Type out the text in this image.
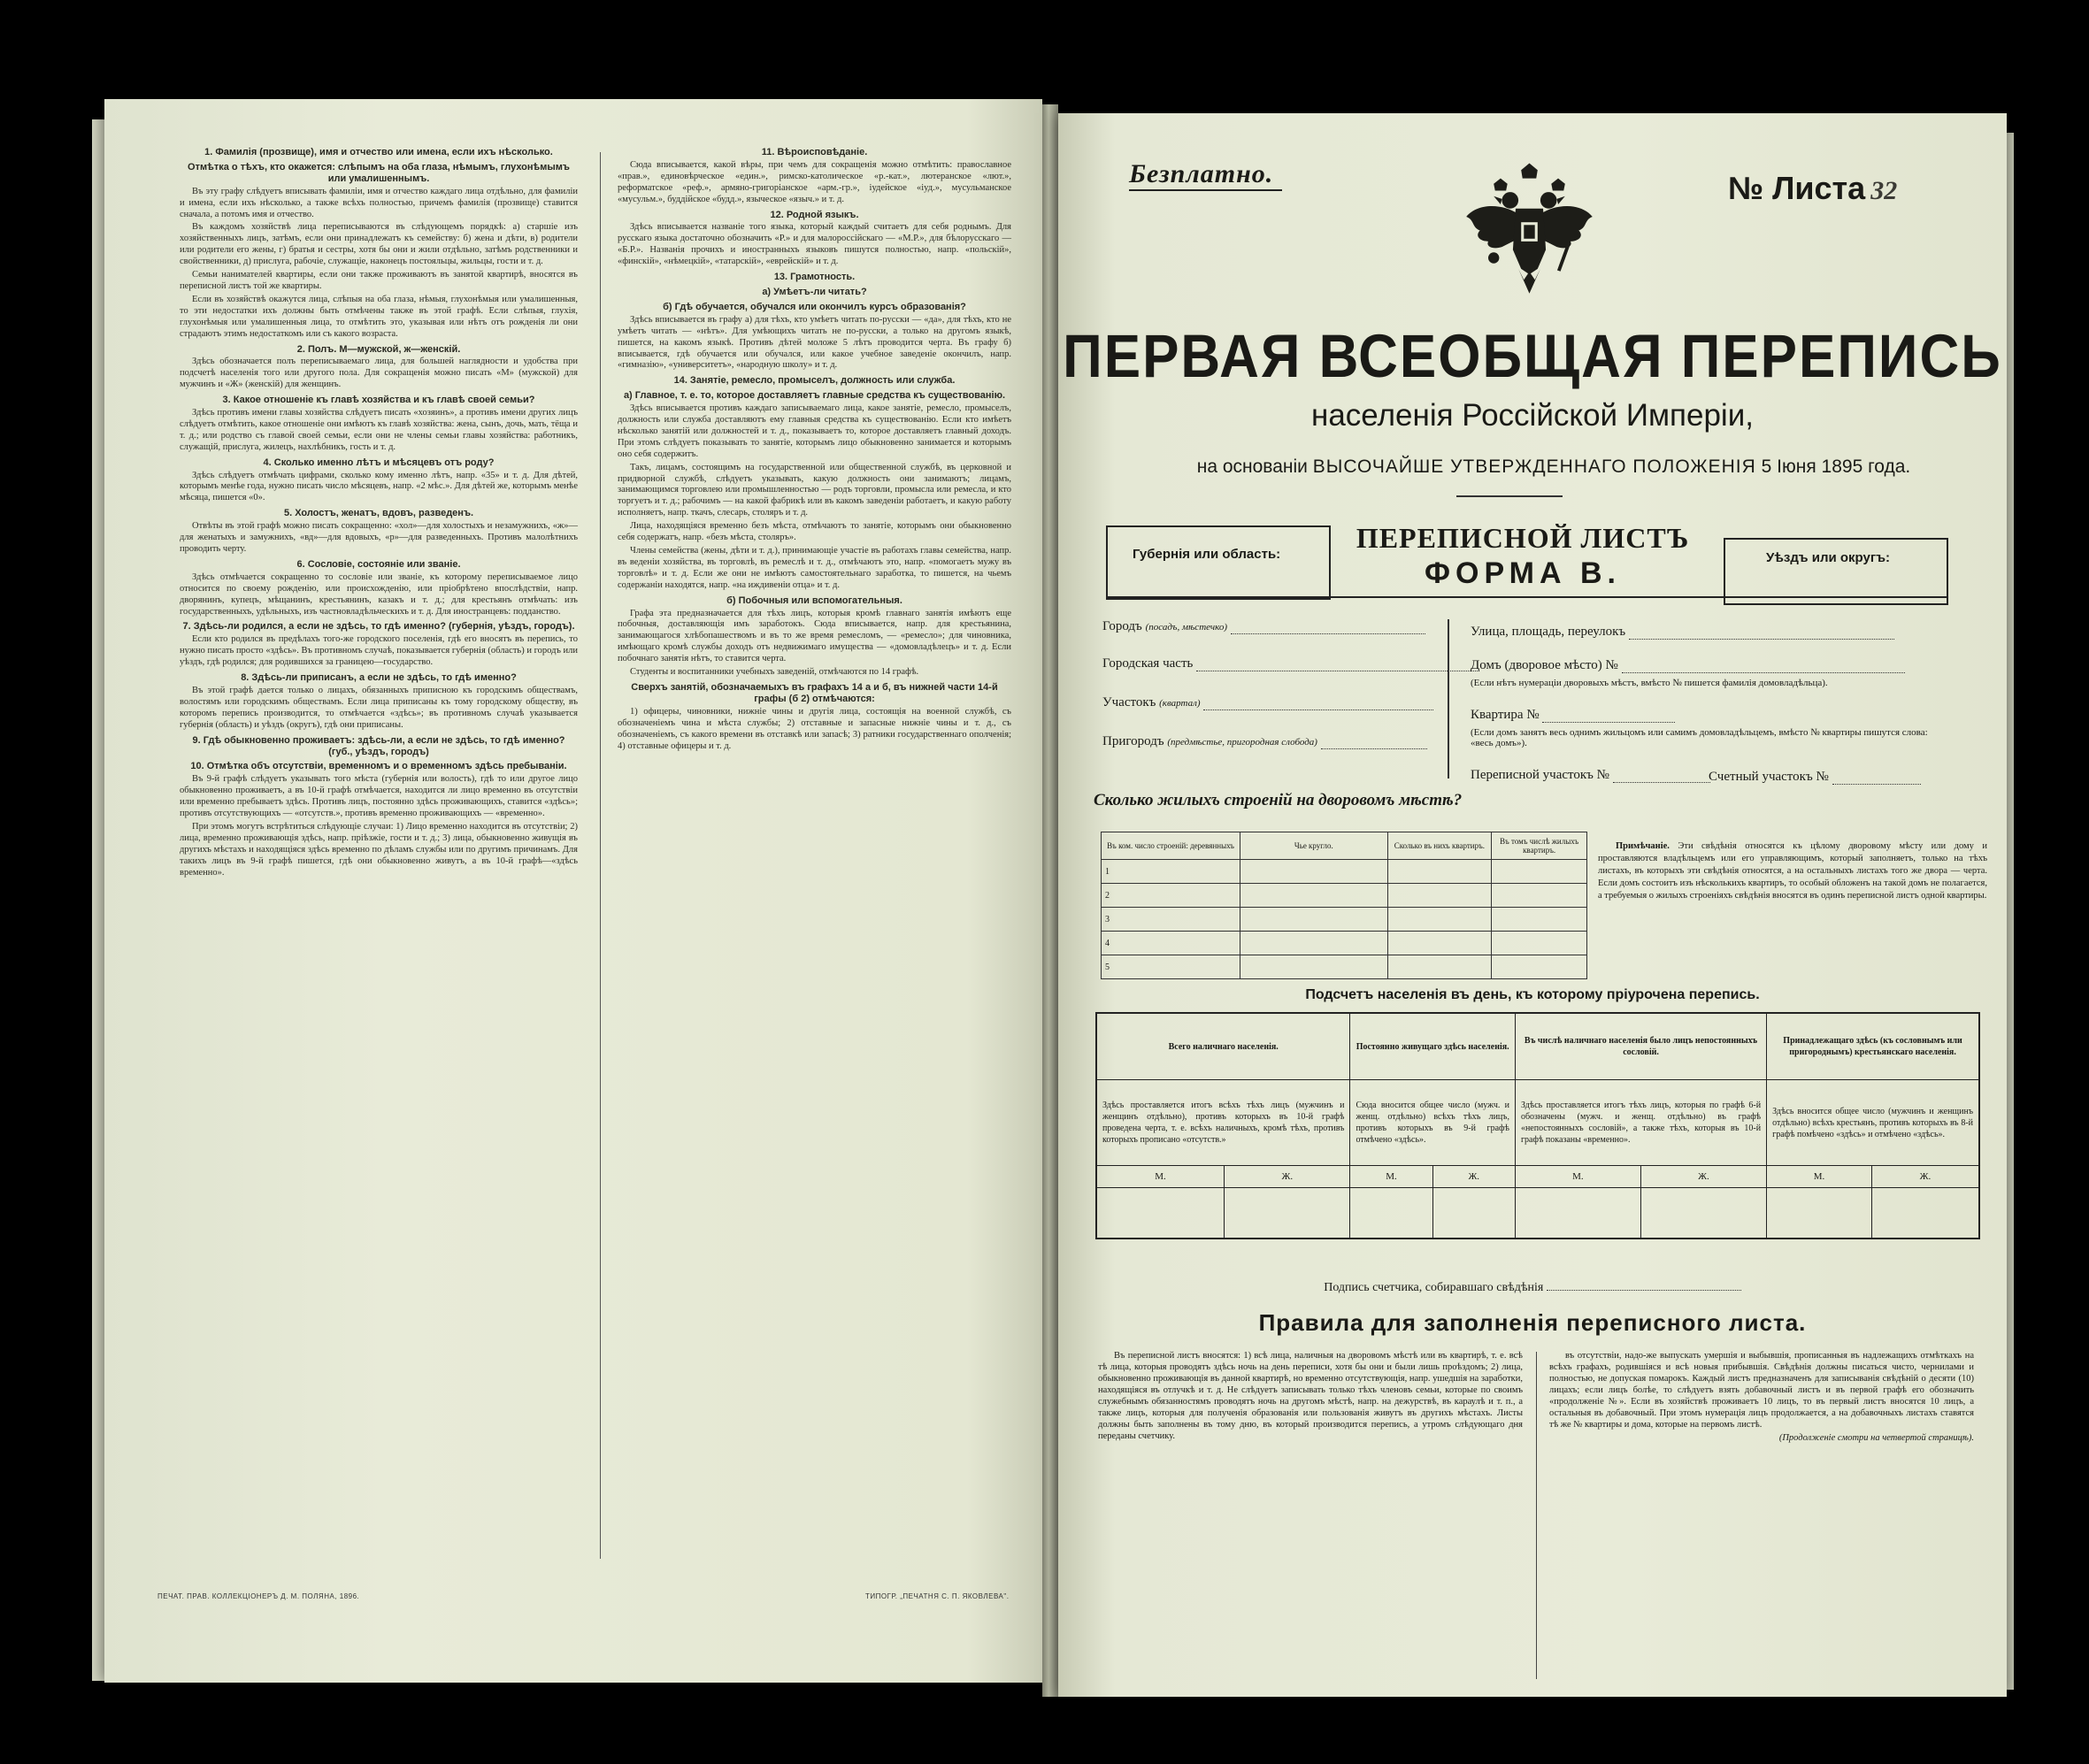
1. Фамилія (прозвище), имя и отчество или имена, если ихъ нѣсколько.
Отмѣтка о тѣхъ, кто окажется: слѣпымъ на оба глаза, нѣмымъ, глухонѣмымъ или умалишеннымъ.

Въ эту графу слѣдуетъ вписывать фамиліи, имя и отчество каждаго лица отдѣльно, для фамиліи и имена, если ихъ нѣсколько, а также всѣхъ полностью, причемъ фамилія (прозвище) ставится сначала, а потомъ имя и отчество.

Въ каждомъ хозяйствѣ лица переписываются въ слѣдующемъ порядкѣ: а) старшіе изъ хозяйственныхъ лицъ, затѣмъ, если они принадлежатъ къ семейству: б) жена и дѣти, в) родители или родители его жены, г) братья и сестры, хотя бы они и жили отдѣльно, затѣмъ родственники и свойственники, д) прислуга, рабочіе, служащіе, наконецъ постояльцы, жильцы, гости и т. д.

Семьи нанимателей квартиры, если они также проживаютъ въ занятой квартирѣ, вносятся въ переписной листъ той же квартиры.

Если въ хозяйствѣ окажутся лица, слѣпыя на оба глаза, нѣмыя, глухонѣмыя или умалишенныя, то эти недостатки ихъ должны быть отмѣчены также въ этой графѣ. Если слѣпыя, глухія, глухонѣмыя или умалишенныя лица, то отмѣтить это, указывая или нѣтъ отъ рожденія ли они страдаютъ этимъ недостаткомъ или съ какого возраста.

2. Полъ. М—мужской, ж—женскій.

Здѣсь обозначается полъ переписываемаго лица, для большей наглядности и удобства при подсчетѣ населенія того или другого пола. Для сокращенія можно писать «М» (мужской) для мужчинъ и «Ж» (женскій) для женщинъ.

3. Какое отношеніе къ главѣ хозяйства и къ главѣ своей семьи?

Здѣсь противъ имени главы хозяйства слѣдуетъ писать «хозяинъ», а противъ имени других лицъ слѣдуетъ отмѣтить, какое отношеніе они имѣютъ къ главѣ хозяйства: жена, сынъ, дочь, мать, тёща и т. д.; или родство съ главой своей семьи, если они не члены семьи главы хозяйства: работникъ, служащій, прислуга, жилецъ, нахлѣбникъ, гость и т. д.

4. Сколько именно лѣтъ и мѣсяцевъ отъ роду?

Здѣсь слѣдуетъ отмѣчать цифрами, сколько кому именно лѣтъ, напр. «35» и т. д. Для дѣтей, которымъ менѣе года, нужно писать число мѣсяцевъ, напр. «2 мѣс.». Для дѣтей же, которымъ менѣе мѣсяца, пишется «0».

5. Холостъ, женатъ, вдовъ, разведенъ.

Отвѣты въ этой графѣ можно писать сокращенно: «хол»—для холостыхъ и незамужнихъ, «ж»—для женатыхъ и замужнихъ, «вд»—для вдовыхъ, «р»—для разведенныхъ. Противъ малолѣтнихъ проводить черту.

6. Сословіе, состояніе или званіе.

Здѣсь отмѣчается сокращенно то сословіе или званіе, къ которому переписываемое лицо относится по своему рожденію, или происхожденію, или пріобрѣтено впослѣдствіи, напр. дворянинъ, купецъ, мѣщанинъ, крестьянинъ, казакъ и т. д.; для крестьянъ отмѣчать: изъ государственныхъ, удѣльныхъ, изъ частновладѣльческихъ и т. д. Для иностранцевъ: подданство.

7. Здѣсь-ли родился, а если не здѣсь, то гдѣ именно? (губернія, уѣздъ, городъ).

Если кто родился въ предѣлахъ того-же городского поселенія, гдѣ его вносятъ въ перепись, то нужно писать просто «здѣсь». Въ противномъ случаѣ, показывается губернія (область) и городъ или уѣздъ, гдѣ родился; для родившихся за границею—государство.

8. Здѣсь-ли приписанъ, а если не здѣсь, то гдѣ именно?

Въ этой графѣ дается только о лицахъ, обязанныхъ приписною къ городскимъ обществамъ, волостямъ или городскимъ обществамъ. Если лица приписаны къ тому городскому обществу, въ которомъ перепись производится, то отмѣчается «здѣсь»; въ противномъ случаѣ указывается губернія (область) и уѣздъ (округъ), гдѣ они приписаны.

9. Гдѣ обыкновенно проживаетъ: здѣсь-ли, а если не здѣсь, то гдѣ именно? (губ., уѣздъ, городъ)
10. Отмѣтка объ отсутствіи, временномъ и о временномъ здѣсь пребываніи.

Въ 9-й графѣ слѣдуетъ указывать того мѣста (губернія или волость), гдѣ то или другое лицо обыкновенно проживаетъ, а въ 10-й графѣ отмѣчается, находится ли лицо временно въ отсутствіи или временно пребываетъ здѣсь. Противъ лицъ, постоянно здѣсь проживающихъ, ставится «здѣсь»; противъ отсутствующихъ — «отсутств.», противъ временно проживающихъ — «временно».

При этомъ могутъ встрѣтиться слѣдующіе случаи: 1) Лицо временно находится въ отсутствіи; 2) лица, временно проживающія здѣсь, напр. пріѣзжіе, гости и т. д.; 3) лица, обыкновенно живущія въ другихъ мѣстахъ и находящіяся здѣсь временно по дѣламъ службы или по другимъ причинамъ. Для такихъ лицъ въ 9-й графѣ пишется, гдѣ они обыкновенно живутъ, а въ 10-й графѣ—«здѣсь временно».

11. Вѣроисповѣданіе.

Сюда вписывается, какой вѣры, при чемъ для сокращенія можно отмѣтить: православное «прав.», единовѣрческое «един.», римско-католическое «р.-кат.», лютеранское «лют.», реформатское «реф.», армяно-григоріанское «арм.-гр.», іудейское «іуд.», мусульманское «мусульм.», буддійское «будд.», языческое «языч.» и т. д.

12. Родной языкъ.

Здѣсь вписывается названіе того языка, который каждый считаетъ для себя роднымъ. Для русскаго языка достаточно обозначить «Р.» и для малороссійскаго — «М.Р.», для бѣлорусскаго — «Б.Р.». Названія прочихъ и иностранныхъ языковъ пишутся полностью, напр. «польскій», «финскій», «нѣмецкій», «татарскій», «еврейскій» и т. д.

13. Грамотность.
а) Умѣетъ-ли читать?
б) Гдѣ обучается, обучался или окончилъ курсъ образованія?

Здѣсь вписывается въ графу а) для тѣхъ, кто умѣетъ читать по-русски — «да», для тѣхъ, кто не умѣетъ читать — «нѣтъ». Для умѣющихъ читать не по-русски, а только на другомъ языкѣ, пишется, на какомъ языкѣ. Противъ дѣтей моложе 5 лѣтъ проводится черта. Въ графу б) вписывается, гдѣ обучается или обучался, или какое учебное заведеніе окончилъ, напр. «гимназію», «университетъ», «народную школу» и т. д.

14. Занятіе, ремесло, промыселъ, должность или служба.
а) Главное, т. е. то, которое доставляетъ главные средства къ существованію.

Здѣсь вписывается противъ каждаго записываемаго лица, какое занятіе, ремесло, промыселъ, должность или служба доставляютъ ему главныя средства къ существованію. Если кто имѣетъ нѣсколько занятій или должностей и т. д., показываетъ то, которое доставляетъ главный доходъ. При этомъ слѣдуетъ показывать то занятіе, которымъ лицо обыкновенно занимается и которымъ оно себя содержитъ.

Такъ, лицамъ, состоящимъ на государственной или общественной службѣ, въ церковной и придворной службѣ, слѣдуетъ указывать, какую должность они занимаютъ; лицамъ, занимающимся торговлею или промышленностью — родъ торговли, промысла или ремесла, и кто торгуетъ и т. д.; рабочимъ — на какой фабрикѣ или въ какомъ заведеніи работаетъ, и какую работу исполняетъ, напр. ткачъ, слесарь, столяръ и т. д.

Лица, находящіяся временно безъ мѣста, отмѣчаютъ то занятіе, которымъ они обыкновенно себя содержатъ, напр. «безъ мѣста, столяръ».

Члены семейства (жены, дѣти и т. д.), принимающіе участіе въ работахъ главы семейства, напр. въ веденіи хозяйства, въ торговлѣ, въ ремеслѣ и т. д., отмѣчаютъ это, напр. «помогаетъ мужу въ торговлѣ» и т. д. Если же они не имѣютъ самостоятельнаго заработка, то пишется, на чьемъ содержаніи находятся, напр. «на иждивеніи отца» и т. д.

б) Побочныя или вспомогательныя.

Графа эта предназначается для тѣхъ лицъ, которыя кромѣ главнаго занятія имѣютъ еще побочныя, доставляющія имъ заработокъ. Сюда вписывается, напр. для крестьянина, занимающагося хлѣбопашествомъ и въ то же время ремесломъ, — «ремесло»; для чиновника, имѣющаго кромѣ службы доходъ отъ недвижимаго имущества — «домовладѣлецъ» и т. д. Если побочнаго занятія нѣтъ, то ставится черта.

Студенты и воспитанники учебныхъ заведеній, отмѣчаются по 14 графѣ.

Сверхъ занятій, обозначаемыхъ въ графахъ 14 а и б, въ нижней части 14-й графы (б 2) отмѣчаются:

1) офицеры, чиновники, нижніе чины и другія лица, состоящія на военной службѣ, съ обозначеніемъ чина и мѣста службы; 2) отставные и запасные нижніе чины и т. д., съ обозначеніемъ, съ какого времени въ отставкѣ или запасѣ; 3) ратники государственнаго ополченія; 4) отставные офицеры и т. д.

ПЕЧАТ. ПРАВ. КОЛЛЕКЦІОНЕРЪ Д. М. ПОЛЯНА, 1896.	ТИПОГР. „ПЕЧАТНЯ С. П. ЯКОВЛЕВА".
Безплатно.	№ Листа 32
ПЕРВАЯ ВСЕОБЩАЯ ПЕРЕПИСЬ
населенія Россійской Имперіи,
на основаніи ВЫСОЧАЙШЕ УТВЕРЖДЕННАГО ПОЛОЖЕНІЯ 5 Іюня 1895 года.
Губернія или область:
ПЕРЕПИСНОЙ ЛИСТЪ
ФОРМА В.	Уѣздъ или округъ:
Городъ (посадъ, мѣстечко)
Городская часть
Участокъ (квартал)
Пригородъ (предмѣстье, пригородная слобода)
Улица, площадь, переулокъ
Домъ (дворовое мѣсто) №
(Если нѣтъ нумераціи дворовыхъ мѣстъ, вмѣсто № пишется фамилія домовладѣльца).
Квартира №
(Если домъ занятъ весь однимъ жильцомъ или самимъ домовладѣльцемъ, вмѣсто № квартиры пишутся слова: «весь домъ»).
Переписной участокъ №	Счетный участокъ №
Сколько жилыхъ строеній на дворовомъ мѣстѣ?
Въ ком. число строеній: деревянныхъ	Чье кругло.	Сколько въ нихъ квартиръ.	Въ томъ числѣ жилыхъ квартиръ.
1			
2			
3			
4			
5			

Примѣчаніе. Эти свѣдѣнія относятся къ цѣлому дворовому мѣсту или дому и проставляются владѣльцемъ или его управляющимъ, который заполняетъ, только на тѣхъ листахъ, въ которыхъ эти свѣдѣнія относятся, а на остальныхъ листахъ того же двора — черта. Если домъ состоитъ изъ нѣсколькихъ квартиръ, то особый обложенъ на такой домъ не полагается, а требуемыя о жилыхъ строеніяхъ свѣдѣнія вносятся въ одинъ переписной листъ одной квартиры.

Подсчетъ населенія въ день, къ которому пріурочена перепись.
Всего наличнаго населенія.		Постоянно живущаго здѣсь населенія.		Въ числѣ наличнаго населенія было лицъ непостоянныхъ сословій.		Принадлежащаго здѣсь (къ сословнымъ или пригороднымъ) крестьянскаго населенія.	
Здѣсь проставляется итогъ всѣхъ тѣхъ лицъ (мужчинъ и женщинъ отдѣльно), противъ которыхъ въ 10-й графѣ проведена черта, т. е. всѣхъ наличныхъ, кромѣ тѣхъ, противъ которыхъ прописано «отсутств.»		Сюда вносится общее число (мужч. и женщ. отдѣльно) всѣхъ тѣхъ лицъ, противъ которыхъ въ 9-й графѣ отмѣчено «здѣсь».		Здѣсь проставляется итогъ тѣхъ лицъ, которыя по графѣ 6-й обозначены (мужч. и женщ. отдѣльно) въ графѣ «непостоянныхъ сословій», а также тѣхъ, которыя въ 10-й графѣ показаны «временно».		Здѣсь вносится общее число (мужчинъ и женщинъ отдѣльно) всѣхъ крестьянъ, противъ которыхъ въ 8-й графѣ помѣчено «здѣсь» и отмѣчено «здѣсь».	
М.	Ж.	М.	Ж.	М.	Ж.	М.	Ж.

Подпись счетчика, собиравшаго свѣдѣнія
Правила для заполненія переписного листа.

Въ переписной листъ вносятся: 1) всѣ лица, наличныя на дворовомъ мѣстѣ или въ квартирѣ, т. е. всѣ тѣ лица, которыя проводятъ здѣсь ночь на день переписи, хотя бы они и были лишь проѣздомъ; 2) лица, обыкновенно проживающія въ данной квартирѣ, но временно отсутствующія, напр. ушедшія на заработки, находящіяся въ отлучкѣ и т. д. Не слѣдуетъ записывать только тѣхъ членовъ семьи, которые по своимъ служебнымъ обязанностямъ проводятъ ночь на другомъ мѣстѣ, напр. на дежурствѣ, въ караулѣ и т. п., а также лицъ, которыя для полученія образованія или пользованія живутъ въ другихъ мѣстахъ. Листы должны быть заполнены въ тому дню, въ который производится перепись, а утромъ слѣдующаго дня переданы счетчику.

въ отсутствіи, надо-же выпускать умершія и выбывшія, прописанныя въ надлежащихъ отмѣткахъ на всѣхъ графахъ, родившіяся и всѣ новыя прибывшія. Свѣдѣнія должны писаться чисто, чернилами и полностью, не допуская помарокъ. Каждый листъ предназначенъ для записыванія свѣдѣній о десяти (10) лицахъ; если лицъ болѣе, то слѣдуетъ взять добавочный листъ и въ первой графѣ его обозначить «продолженіе №». Если въ хозяйствѣ проживаетъ 10 лицъ, то въ первый листъ вносятся 10 лицъ, а остальныя въ добавочный. При этомъ нумерація лицъ продолжается, а на добавочныхъ листахъ ставятся тѣ же № квартиры и дома, которые на первомъ листѣ.

(Продолженіе смотри на четвертой страницѣ).
